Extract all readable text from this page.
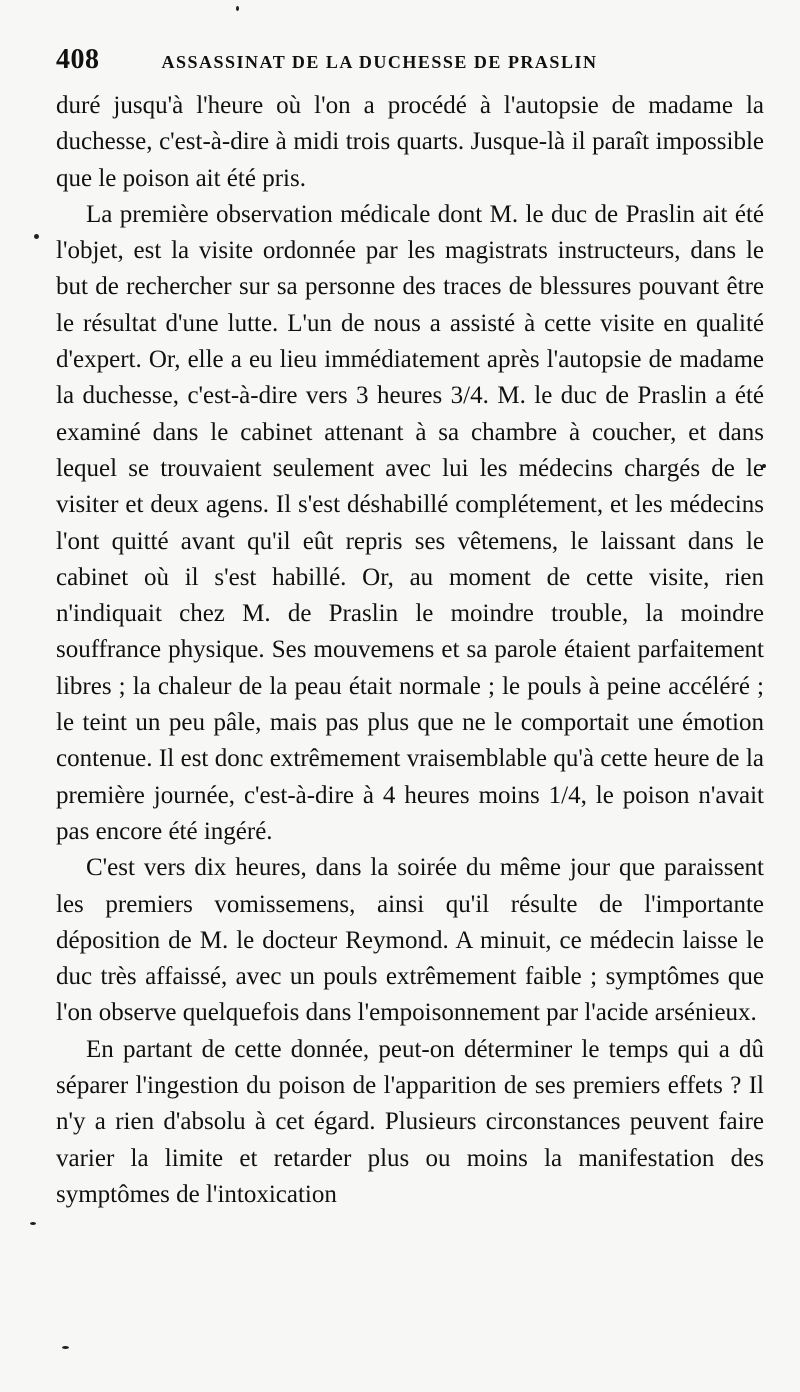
408	ASSASSINAT DE LA DUCHESSE DE PRASLIN

duré jusqu'à l'heure où l'on a procédé à l'autopsie de madame la duchesse, c'est-à-dire à midi trois quarts. Jusque-là il paraît impossible que le poison ait été pris.

La première observation médicale dont M. le duc de Praslin ait été l'objet, est la visite ordonnée par les magistrats instructeurs, dans le but de rechercher sur sa personne des traces de blessures pouvant être le résultat d'une lutte. L'un de nous a assisté à cette visite en qualité d'expert. Or, elle a eu lieu immédiatement après l'autopsie de madame la duchesse, c'est-à-dire vers 3 heures 3/4. M. le duc de Praslin a été examiné dans le cabinet attenant à sa chambre à coucher, et dans lequel se trouvaient seulement avec lui les médecins chargés de le visiter et deux agens. Il s'est déshabillé complétement, et les médecins l'ont quitté avant qu'il eût repris ses vêtemens, le laissant dans le cabinet où il s'est habillé. Or, au moment de cette visite, rien n'indiquait chez M. de Praslin le moindre trouble, la moindre souffrance physique. Ses mouvemens et sa parole étaient parfaitement libres ; la chaleur de la peau était normale ; le pouls à peine accéléré ; le teint un peu pâle, mais pas plus que ne le comportait une émotion contenue. Il est donc extrêmement vraisemblable qu'à cette heure de la première journée, c'est-à-dire à 4 heures moins 1/4, le poison n'avait pas encore été ingéré.

C'est vers dix heures, dans la soirée du même jour que paraissent les premiers vomissemens, ainsi qu'il résulte de l'importante déposition de M. le docteur Reymond. A minuit, ce médecin laisse le duc très affaissé, avec un pouls extrêmement faible ; symptômes que l'on observe quelquefois dans l'empoisonnement par l'acide arsénieux.

En partant de cette donnée, peut-on déterminer le temps qui a dû séparer l'ingestion du poison de l'apparition de ses premiers effets ? Il n'y a rien d'absolu à cet égard. Plusieurs circonstances peuvent faire varier la limite et retarder plus ou moins la manifestation des symptômes de l'intoxication
